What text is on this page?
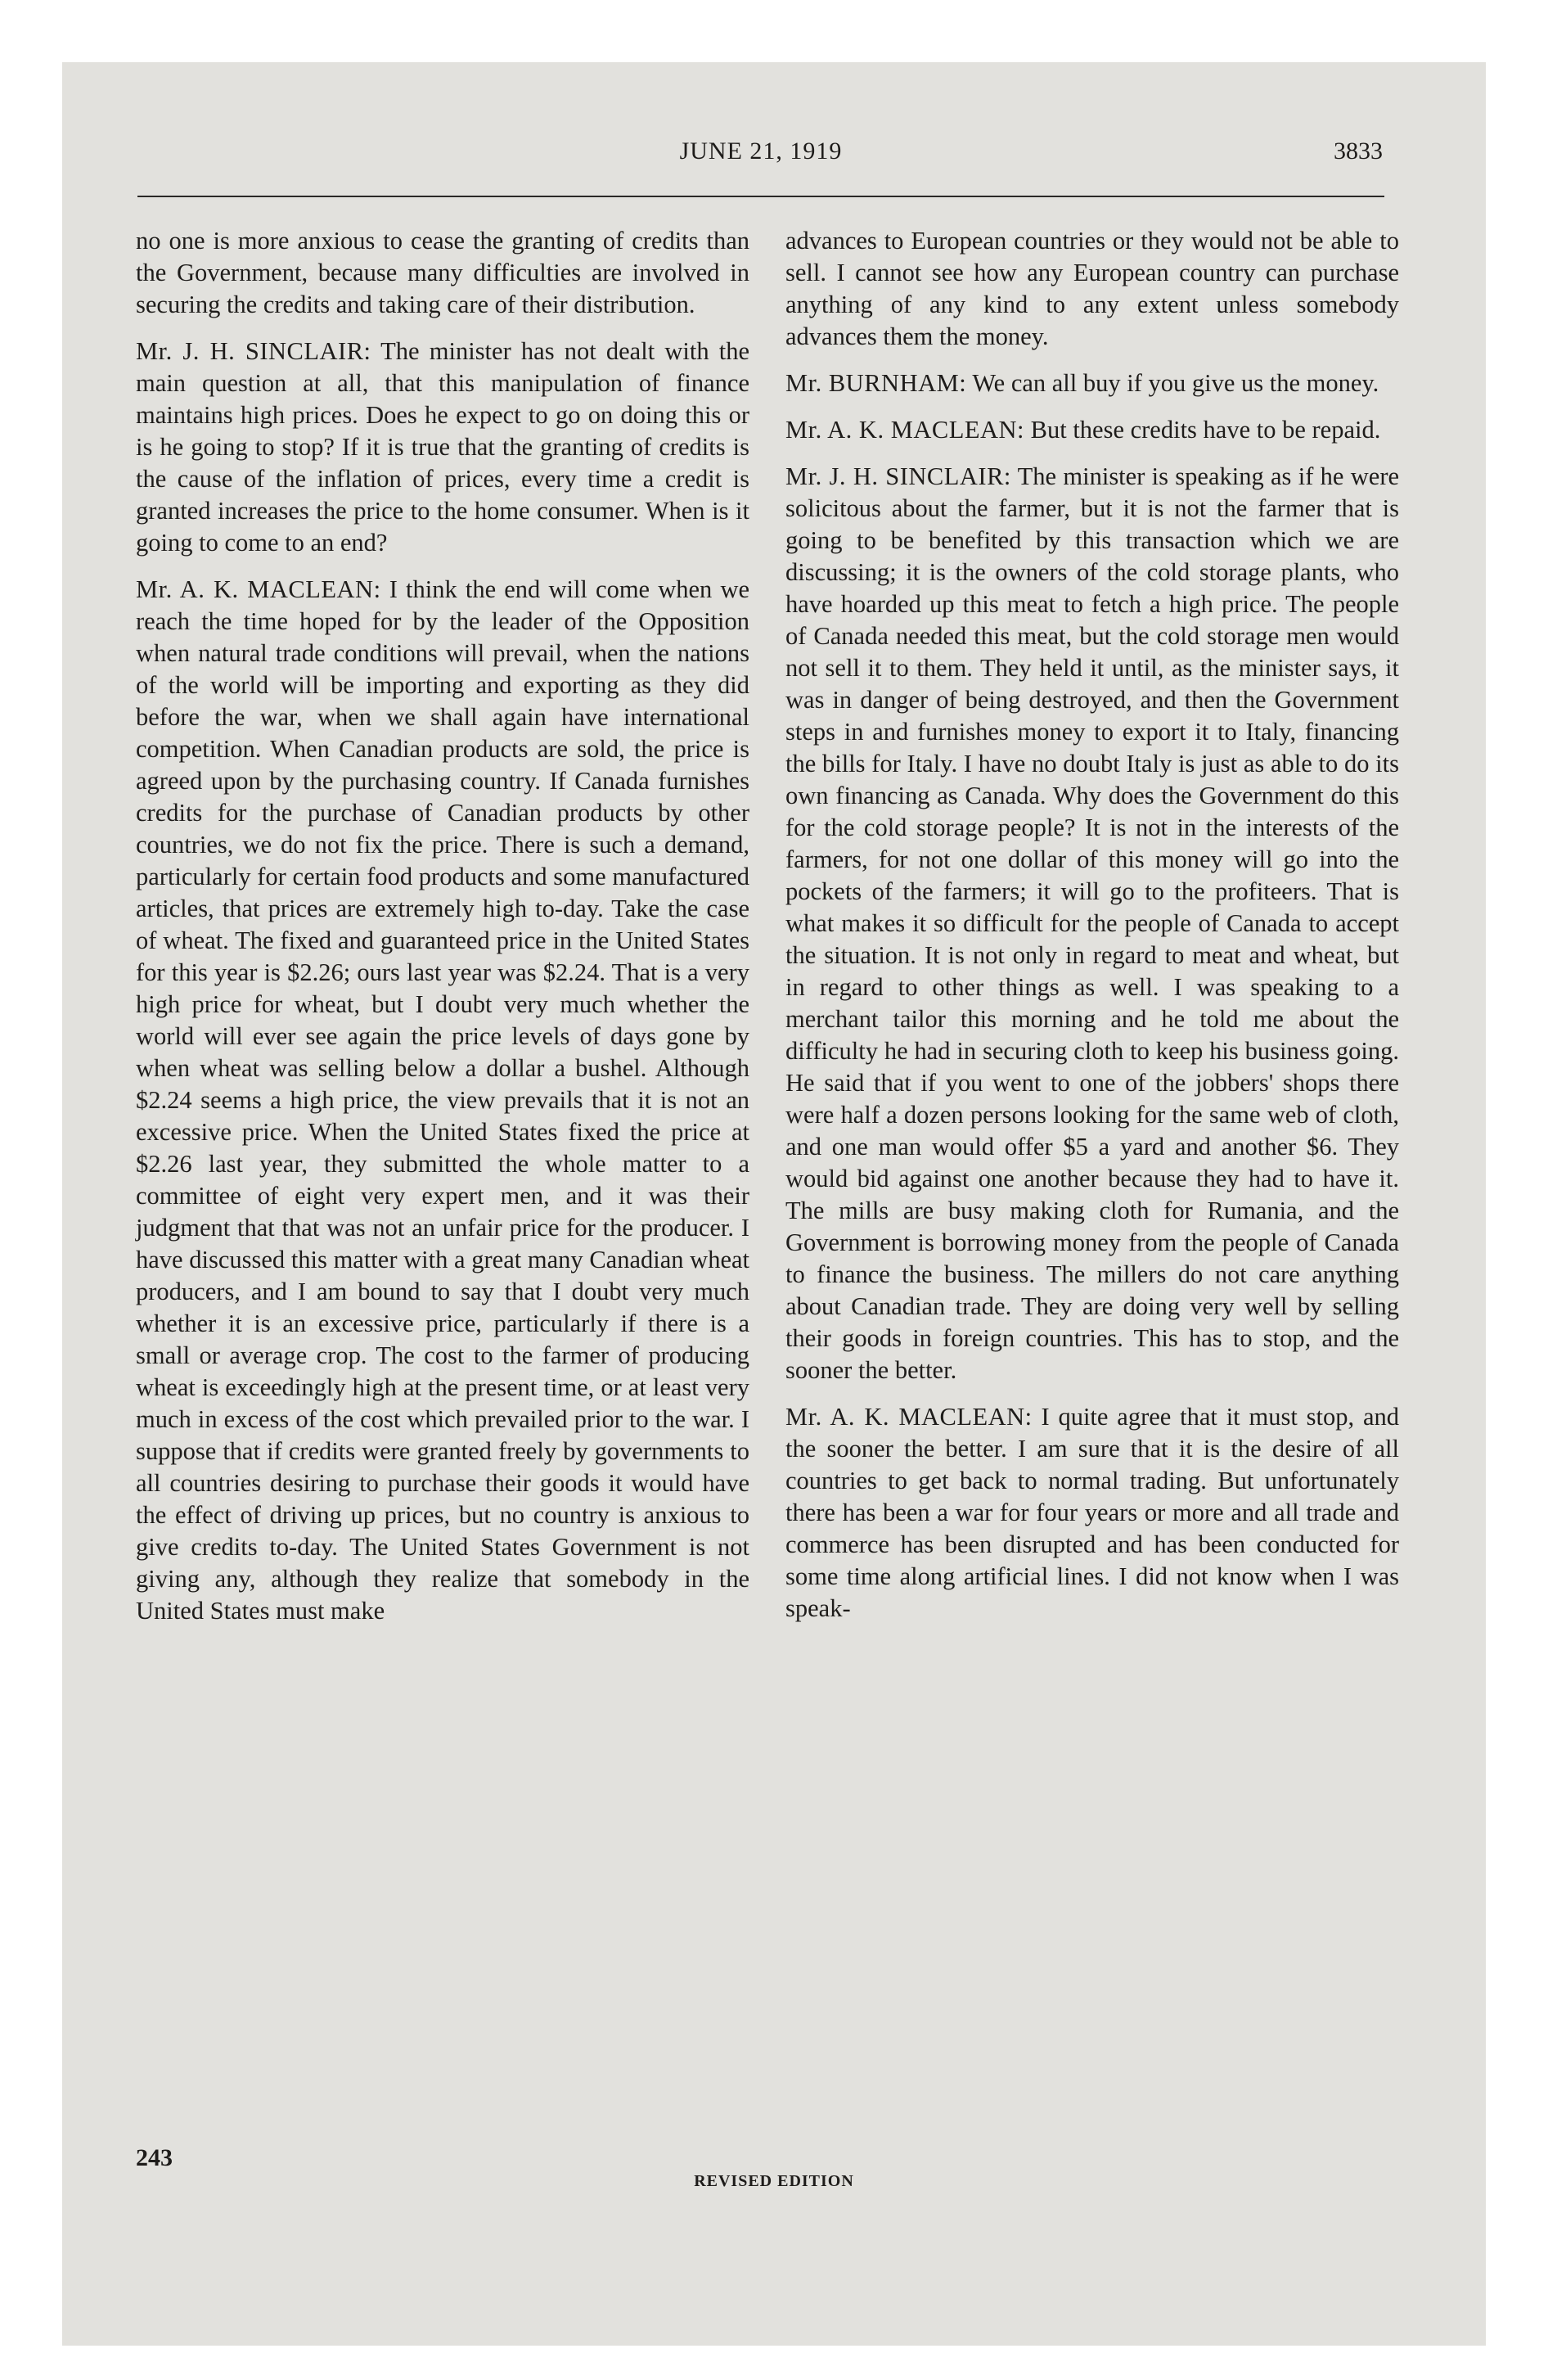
JUNE 21, 1919	3833

no one is more anxious to cease the granting of credits than the Government, because many difficulties are involved in securing the credits and taking care of their distribution.

Mr. J. H. SINCLAIR: The minister has not dealt with the main question at all, that this manipulation of finance maintains high prices. Does he expect to go on doing this or is he going to stop? If it is true that the granting of credits is the cause of the inflation of prices, every time a credit is granted increases the price to the home consumer. When is it going to come to an end?

Mr. A. K. MACLEAN: I think the end will come when we reach the time hoped for by the leader of the Opposition when natural trade conditions will prevail, when the nations of the world will be importing and exporting as they did before the war, when we shall again have international competition. When Canadian products are sold, the price is agreed upon by the purchasing country. If Canada furnishes credits for the purchase of Canadian products by other countries, we do not fix the price. There is such a demand, particularly for certain food products and some manufactured articles, that prices are extremely high to-day. Take the case of wheat. The fixed and guaranteed price in the United States for this year is $2.26; ours last year was $2.24. That is a very high price for wheat, but I doubt very much whether the world will ever see again the price levels of days gone by when wheat was selling below a dollar a bushel. Although $2.24 seems a high price, the view prevails that it is not an excessive price. When the United States fixed the price at $2.26 last year, they submitted the whole matter to a committee of eight very expert men, and it was their judgment that that was not an unfair price for the producer. I have discussed this matter with a great many Canadian wheat producers, and I am bound to say that I doubt very much whether it is an excessive price, particularly if there is a small or average crop. The cost to the farmer of producing wheat is exceedingly high at the present time, or at least very much in excess of the cost which prevailed prior to the war. I suppose that if credits were granted freely by governments to all countries desiring to purchase their goods it would have the effect of driving up prices, but no country is anxious to give credits to-day. The United States Government is not giving any, although they realize that somebody in the United States must make

advances to European countries or they would not be able to sell. I cannot see how any European country can purchase anything of any kind to any extent unless somebody advances them the money.

Mr. BURNHAM: We can all buy if you give us the money.

Mr. A. K. MACLEAN: But these credits have to be repaid.

Mr. J. H. SINCLAIR: The minister is speaking as if he were solicitous about the farmer, but it is not the farmer that is going to be benefited by this transaction which we are discussing; it is the owners of the cold storage plants, who have hoarded up this meat to fetch a high price. The people of Canada needed this meat, but the cold storage men would not sell it to them. They held it until, as the minister says, it was in danger of being destroyed, and then the Government steps in and furnishes money to export it to Italy, financing the bills for Italy. I have no doubt Italy is just as able to do its own financing as Canada. Why does the Government do this for the cold storage people? It is not in the interests of the farmers, for not one dollar of this money will go into the pockets of the farmers; it will go to the profiteers. That is what makes it so difficult for the people of Canada to accept the situation. It is not only in regard to meat and wheat, but in regard to other things as well. I was speaking to a merchant tailor this morning and he told me about the difficulty he had in securing cloth to keep his business going. He said that if you went to one of the jobbers' shops there were half a dozen persons looking for the same web of cloth, and one man would offer $5 a yard and another $6. They would bid against one another because they had to have it. The mills are busy making cloth for Rumania, and the Government is borrowing money from the people of Canada to finance the business. The millers do not care anything about Canadian trade. They are doing very well by selling their goods in foreign countries. This has to stop, and the sooner the better.

Mr. A. K. MACLEAN: I quite agree that it must stop, and the sooner the better. I am sure that it is the desire of all countries to get back to normal trading. But unfortunately there has been a war for four years or more and all trade and commerce has been disrupted and has been conducted for some time along artificial lines. I did not know when I was speak-

243
REVISED EDITION
